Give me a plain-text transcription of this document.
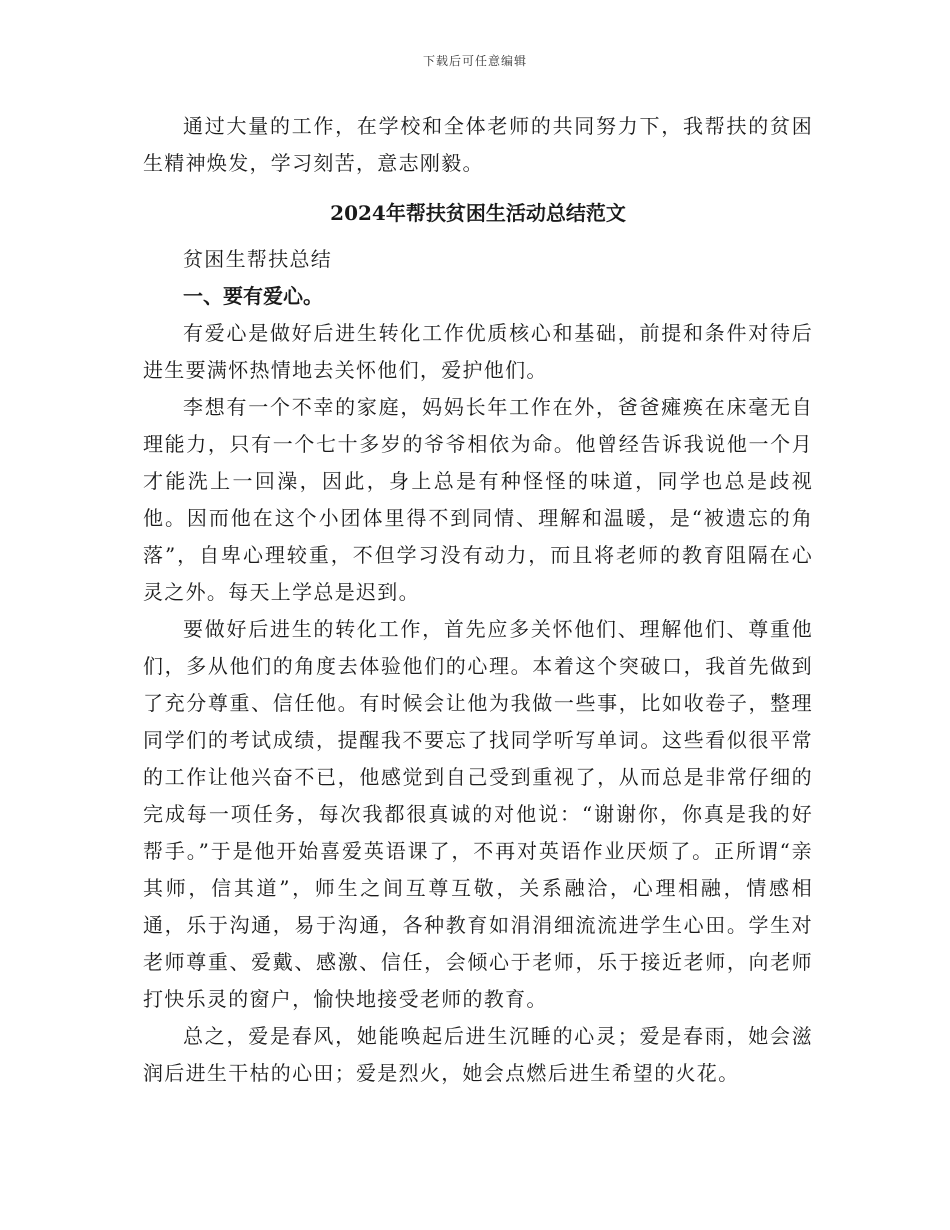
下载后可任意编辑

通过大量的工作，在学校和全体老师的共同努力下，我帮扶的贫困生精神焕发，学习刻苦，意志刚毅。

2024年帮扶贫困生活动总结范文

贫困生帮扶总结

一、要有爱心。

有爱心是做好后进生转化工作优质核心和基础，前提和条件对待后进生要满怀热情地去关怀他们，爱护他们。

李想有一个不幸的家庭，妈妈长年工作在外，爸爸瘫痪在床毫无自理能力，只有一个七十多岁的爷爷相依为命。他曾经告诉我说他一个月才能洗上一回澡，因此，身上总是有种怪怪的味道，同学也总是歧视他。因而他在这个小团体里得不到同情、理解和温暖，是“被遗忘的角落”，自卑心理较重，不但学习没有动力，而且将老师的教育阻隔在心灵之外。每天上学总是迟到。

要做好后进生的转化工作，首先应多关怀他们、理解他们、尊重他们，多从他们的角度去体验他们的心理。本着这个突破口，我首先做到了充分尊重、信任他。有时候会让他为我做一些事，比如收卷子，整理同学们的考试成绩，提醒我不要忘了找同学听写单词。这些看似很平常的工作让他兴奋不已，他感觉到自己受到重视了，从而总是非常仔细的完成每一项任务，每次我都很真诚的对他说：“谢谢你，你真是我的好帮手。”于是他开始喜爱英语课了，不再对英语作业厌烦了。正所谓“亲其师，信其道”，师生之间互尊互敬，关系融洽，心理相融，情感相通，乐于沟通，易于沟通，各种教育如涓涓细流流进学生心田。学生对老师尊重、爱戴、感激、信任，会倾心于老师，乐于接近老师，向老师打快乐灵的窗户，愉快地接受老师的教育。

总之，爱是春风，她能唤起后进生沉睡的心灵；爱是春雨，她会滋润后进生干枯的心田；爱是烈火，她会点燃后进生希望的火花。
